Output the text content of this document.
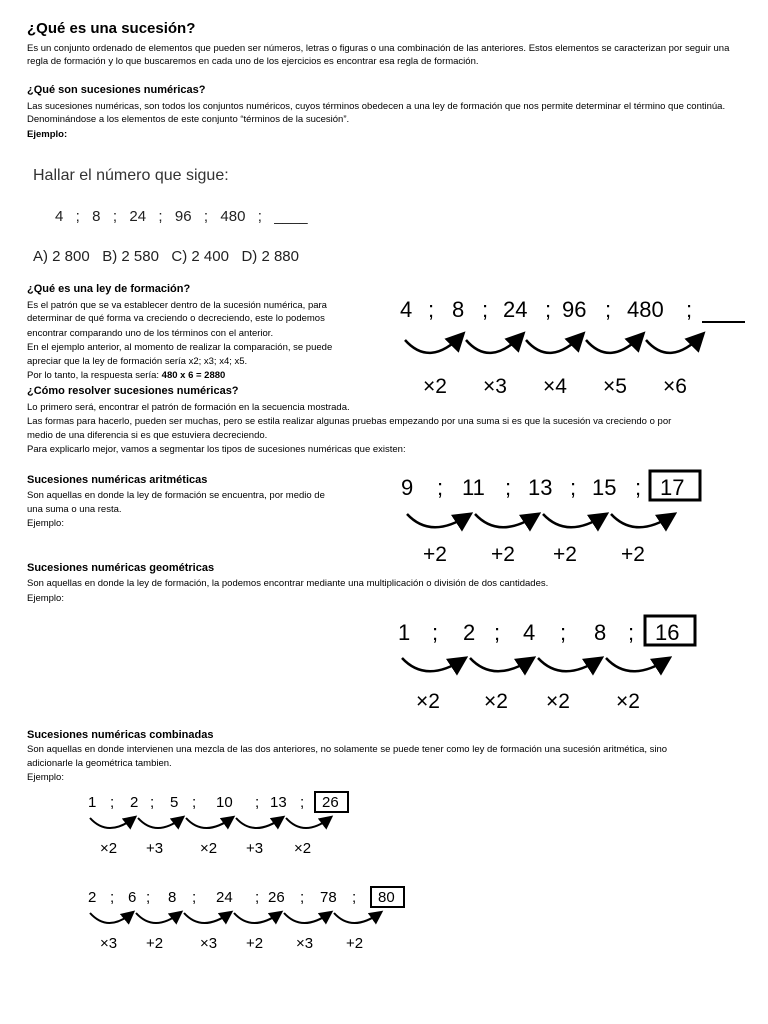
¿Qué es una sucesión?
Es un conjunto ordenado de elementos que pueden ser números, letras o figuras o una combinación de las anteriores. Estos elementos se caracterizan por seguir una regla de formación y lo que buscaremos en cada uno de los ejercicios es encontrar esa regla de formación.
¿Qué son sucesiones numéricas?
Las sucesiones numéricas, son todos los conjuntos numéricos, cuyos términos obedecen a una ley de formación que nos permite determinar el término que continúa. Denominándose a los elementos de este conjunto “términos de la sucesión”.
Ejemplo:
Hallar el número que sigue:
4  ;  8  ;  24  ;  96  ;  480  ;  ____
A) 2 800   B) 2 580   C) 2 400   D) 2 880
¿Qué es una ley de formación?
Es el patrón que se va establecer dentro de la sucesión numérica, para
determinar de qué forma va creciendo o decreciendo, este lo podemos
encontrar comparando uno de los términos con el anterior.
En el ejemplo anterior, al momento de realizar la comparación, se puede
apreciar que la ley de formación sería x2; x3; x4; x5.
Por lo tanto, la respuesta sería: 480 x 6 = 2880
4 ; 8 ; 24 ; 96 ; 480 ;
×2 ×3 ×4 ×5 ×6
¿Cómo resolver sucesiones numéricas?
Lo primero será, encontrar el patrón de formación en la secuencia mostrada.
Las formas para hacerlo, pueden ser muchas, pero se estila realizar algunas pruebas empezando por una suma si es que la sucesión va creciendo o por
medio de una diferencia si es que estuviera decreciendo.
Para explicarlo mejor, vamos a segmentar los tipos de sucesiones numéricas que existen:
Sucesiones numéricas aritméticas
Son aquellas en donde la ley de formación se encuentra, por medio de
una suma o una resta.
Ejemplo:
9 ; 11 ; 13 ; 15 ; 17
+2 +2 +2 +2
Sucesiones numéricas geométricas
Son aquellas en donde la ley de formación, la podemos encontrar mediante una multiplicación o división de dos cantidades.
Ejemplo:
1 ; 2 ; 4 ; 8 ; 16
×2 ×2 ×2 ×2
Sucesiones numéricas combinadas
Son aquellas en donde intervienen una mezcla de las dos anteriores, no solamente se puede tener como ley de formación una sucesión aritmética, sino
adicionarle la geométrica tambien.
Ejemplo:
1 ; 2 ; 5 ; 10 ; 13 ; 26
×2 +3 ×2 +3 ×2
2 ; 6 ; 8 ; 24 ; 26 ; 78 ; 80
×3 +2 ×3 +2 ×3 +2
